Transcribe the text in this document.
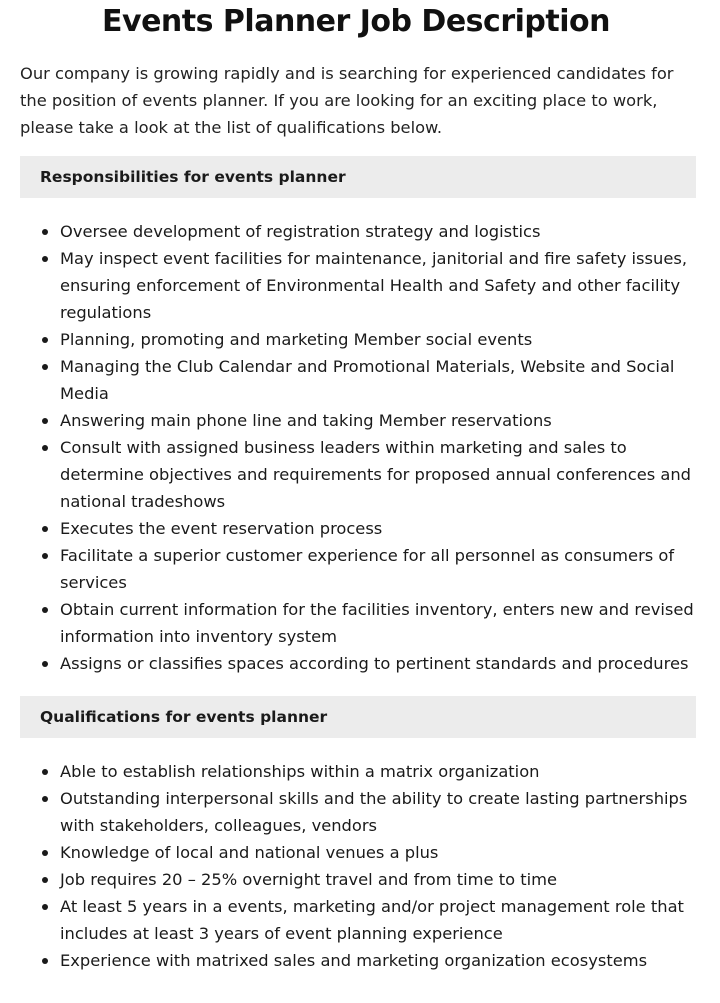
Events Planner Job Description

Our company is growing rapidly and is searching for experienced candidates for the position of events planner. If you are looking for an exciting place to work, please take a look at the list of qualifications below.

Responsibilities for events planner
Oversee development of registration strategy and logistics
May inspect event facilities for maintenance, janitorial and fire safety issues, ensuring enforcement of Environmental Health and Safety and other facility regulations
Planning, promoting and marketing Member social events
Managing the Club Calendar and Promotional Materials, Website and Social Media
Answering main phone line and taking Member reservations
Consult with assigned business leaders within marketing and sales to determine objectives and requirements for proposed annual conferences and national tradeshows
Executes the event reservation process
Facilitate a superior customer experience for all personnel as consumers of services
Obtain current information for the facilities inventory, enters new and revised information into inventory system
Assigns or classifies spaces according to pertinent standards and procedures
Qualifications for events planner
Able to establish relationships within a matrix organization
Outstanding interpersonal skills and the ability to create lasting partnerships with stakeholders, colleagues, vendors
Knowledge of local and national venues a plus
Job requires 20 – 25% overnight travel and from time to time
At least 5 years in a events, marketing and/or project management role that includes at least 3 years of event planning experience
Experience with matrixed sales and marketing organization ecosystems
